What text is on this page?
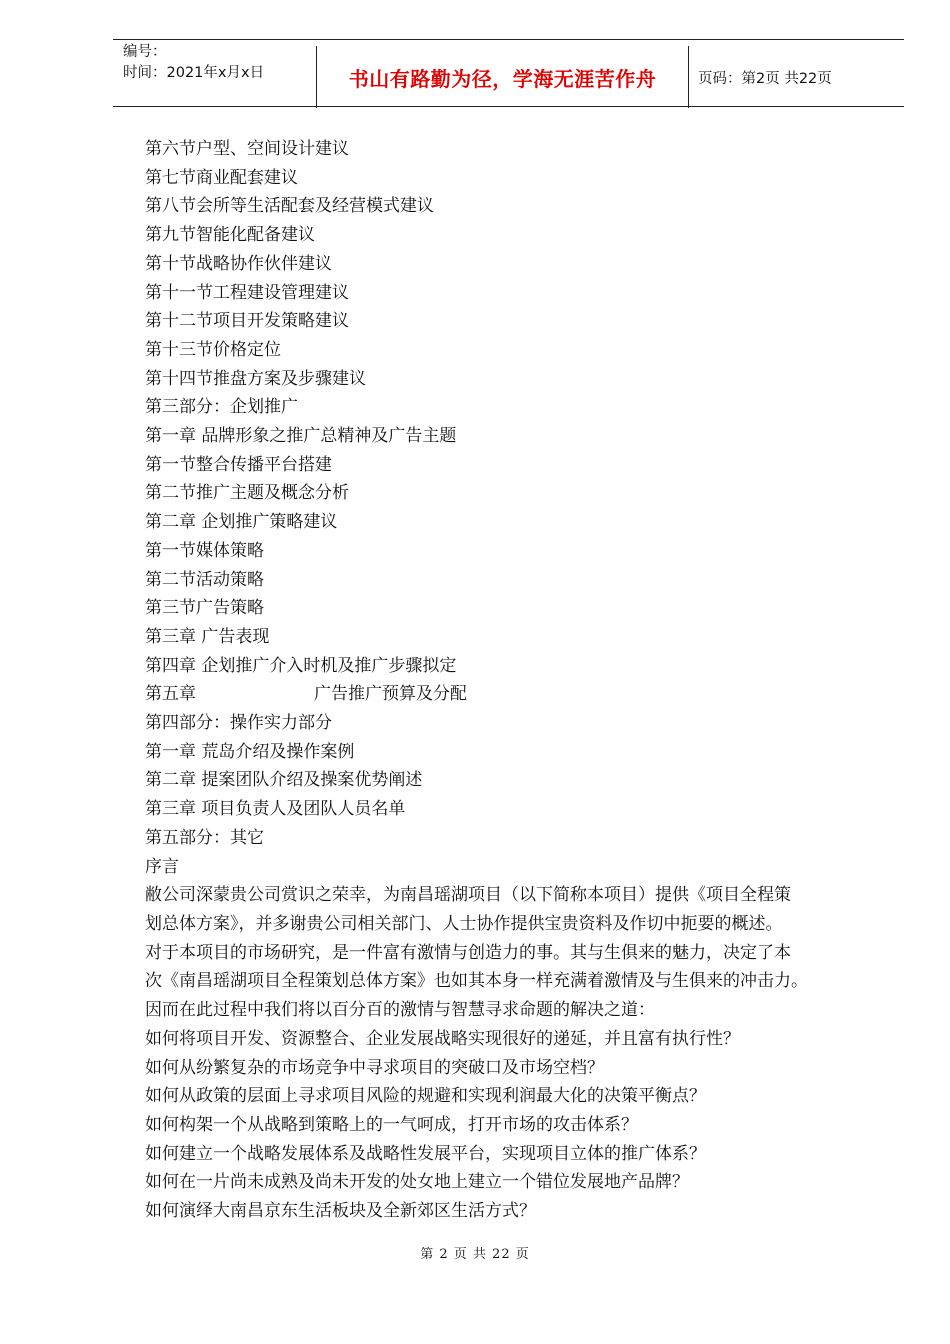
编号：
时间：2021年x月x日	书山有路勤为径，学海无涯苦作舟	页码：第2页 共22页
第六节户型、空间设计建议
第七节商业配套建议
第八节会所等生活配套及经营模式建议
第九节智能化配备建议
第十节战略协作伙伴建议
第十一节工程建设管理建议
第十二节项目开发策略建议
第十三节价格定位
第十四节推盘方案及步骤建议
第三部分：企划推广
第一章 品牌形象之推广总精神及广告主题
第一节整合传播平台搭建
第二节推广主题及概念分析
第二章 企划推广策略建议
第一节媒体策略
第二节活动策略
第三节广告策略
第三章 广告表现
第四章 企划推广介入时机及推广步骤拟定
第五章	广告推广预算及分配
第四部分：操作实力部分
第一章 荒岛介绍及操作案例
第二章 提案团队介绍及操案优势阐述
第三章 项目负责人及团队人员名单
第五部分：其它
序言
敝公司深蒙贵公司赏识之荣幸，为南昌瑶湖项目（以下简称本项目）提供《项目全程策
划总体方案》，并多谢贵公司相关部门、人士协作提供宝贵资料及作切中扼要的概述。
对于本项目的市场研究，是一件富有激情与创造力的事。其与生俱来的魅力，决定了本
次《南昌瑶湖项目全程策划总体方案》也如其本身一样充满着激情及与生俱来的冲击力。
因而在此过程中我们将以百分百的激情与智慧寻求命题的解决之道：
如何将项目开发、资源整合、企业发展战略实现很好的递延，并且富有执行性？
如何从纷繁复杂的市场竞争中寻求项目的突破口及市场空档？
如何从政策的层面上寻求项目风险的规避和实现利润最大化的决策平衡点？
如何构架一个从战略到策略上的一气呵成，打开市场的攻击体系？
如何建立一个战略发展体系及战略性发展平台，实现项目立体的推广体系？
如何在一片尚未成熟及尚未开发的处女地上建立一个错位发展地产品牌？
如何演绎大南昌京东生活板块及全新郊区生活方式？
第 2 页 共 22 页
